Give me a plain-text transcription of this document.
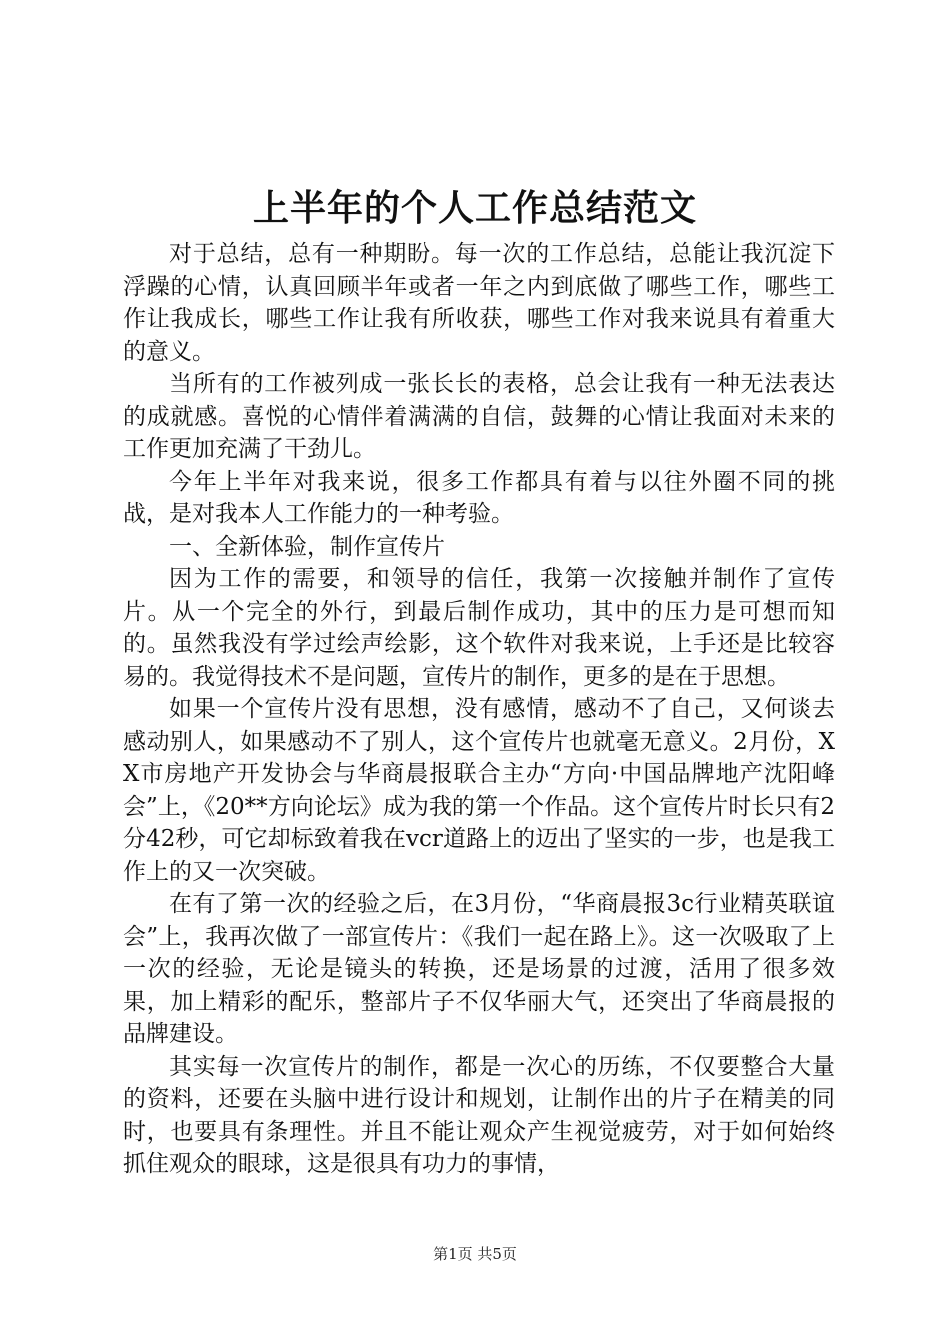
上半年的个人工作总结范文

对于总结，总有一种期盼。每一次的工作总结，总能让我沉淀下浮躁的心情，认真回顾半年或者一年之内到底做了哪些工作，哪些工作让我成长，哪些工作让我有所收获，哪些工作对我来说具有着重大的意义。

当所有的工作被列成一张长长的表格，总会让我有一种无法表达的成就感。喜悦的心情伴着满满的自信，鼓舞的心情让我面对未来的工作更加充满了干劲儿。

今年上半年对我来说，很多工作都具有着与以往外圈不同的挑战，是对我本人工作能力的一种考验。

一、全新体验，制作宣传片

因为工作的需要，和领导的信任，我第一次接触并制作了宣传片。从一个完全的外行，到最后制作成功，其中的压力是可想而知的。虽然我没有学过绘声绘影，这个软件对我来说，上手还是比较容易的。我觉得技术不是问题，宣传片的制作，更多的是在于思想。

如果一个宣传片没有思想，没有感情，感动不了自己，又何谈去感动别人，如果感动不了别人，这个宣传片也就毫无意义。2月份，XX市房地产开发协会与华商晨报联合主办“方向·中国品牌地产沈阳峰会”上，《20**方向论坛》成为我的第一个作品。这个宣传片时长只有2分42秒，可它却标致着我在vcr道路上的迈出了坚实的一步，也是我工作上的又一次突破。

在有了第一次的经验之后，在3月份，“华商晨报3c行业精英联谊会”上，我再次做了一部宣传片：《我们一起在路上》。这一次吸取了上一次的经验，无论是镜头的转换，还是场景的过渡，活用了很多效果，加上精彩的配乐，整部片子不仅华丽大气，还突出了华商晨报的品牌建设。

其实每一次宣传片的制作，都是一次心的历练，不仅要整合大量的资料，还要在头脑中进行设计和规划，让制作出的片子在精美的同时，也要具有条理性。并且不能让观众产生视觉疲劳，对于如何始终抓住观众的眼球，这是很具有功力的事情，

第1页 共5页
